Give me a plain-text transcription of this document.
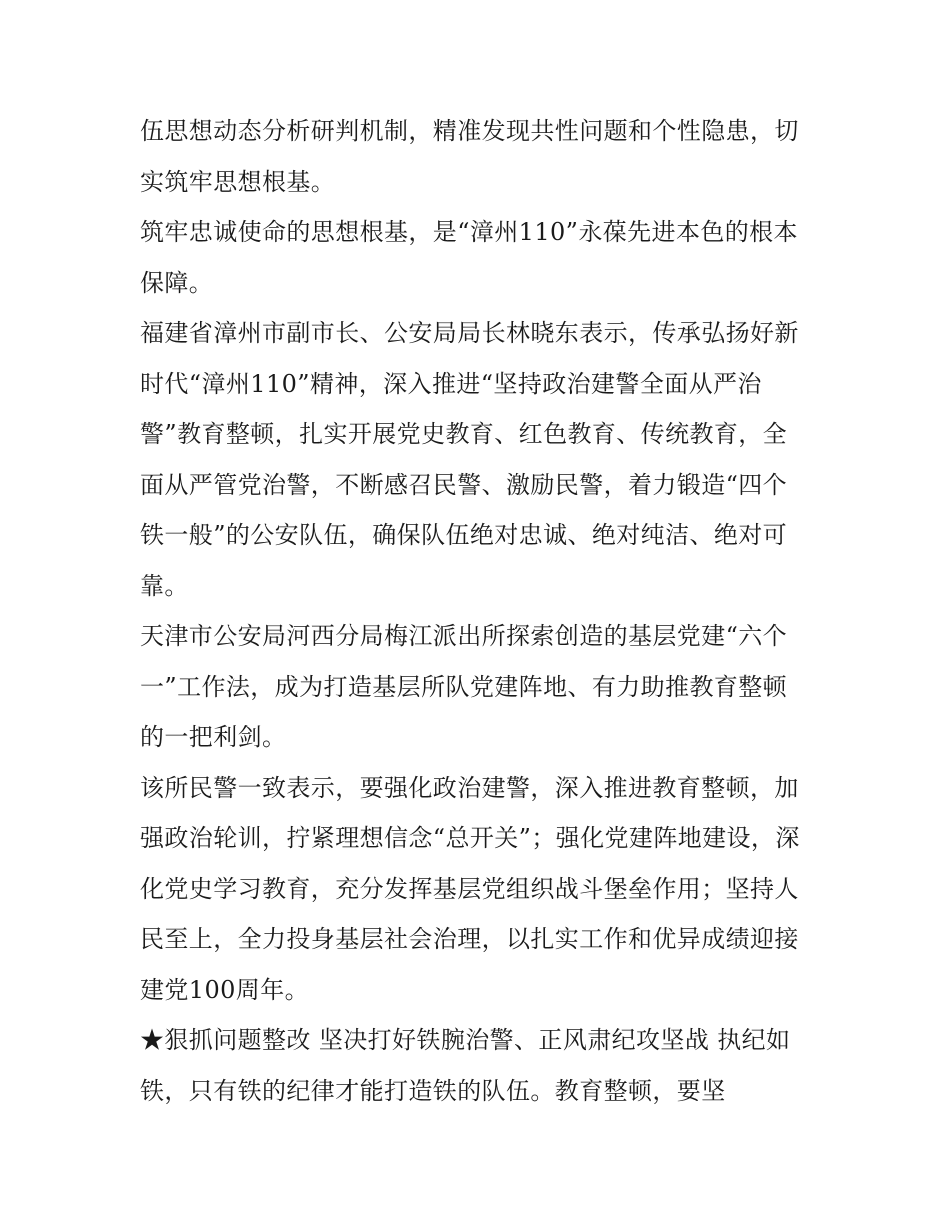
伍思想动态分析研判机制，精准发现共性问题和个性隐患，切
实筑牢思想根基。
筑牢忠诚使命的思想根基，是“漳州110”永葆先进本色的根本
保障。
福建省漳州市副市长、公安局局长林晓东表示，传承弘扬好新
时代“漳州110”精神，深入推进“坚持政治建警全面从严治
警”教育整顿，扎实开展党史教育、红色教育、传统教育，全
面从严管党治警，不断感召民警、激励民警，着力锻造“四个
铁一般”的公安队伍，确保队伍绝对忠诚、绝对纯洁、绝对可
靠。
天津市公安局河西分局梅江派出所探索创造的基层党建“六个
一”工作法，成为打造基层所队党建阵地、有力助推教育整顿
的一把利剑。
该所民警一致表示，要强化政治建警，深入推进教育整顿，加
强政治轮训，拧紧理想信念“总开关”；强化党建阵地建设，深
化党史学习教育，充分发挥基层党组织战斗堡垒作用；坚持人
民至上，全力投身基层社会治理，以扎实工作和优异成绩迎接
建党100周年。
★狠抓问题整改 坚决打好铁腕治警、正风肃纪攻坚战 执纪如
铁，只有铁的纪律才能打造铁的队伍。教育整顿，要坚
